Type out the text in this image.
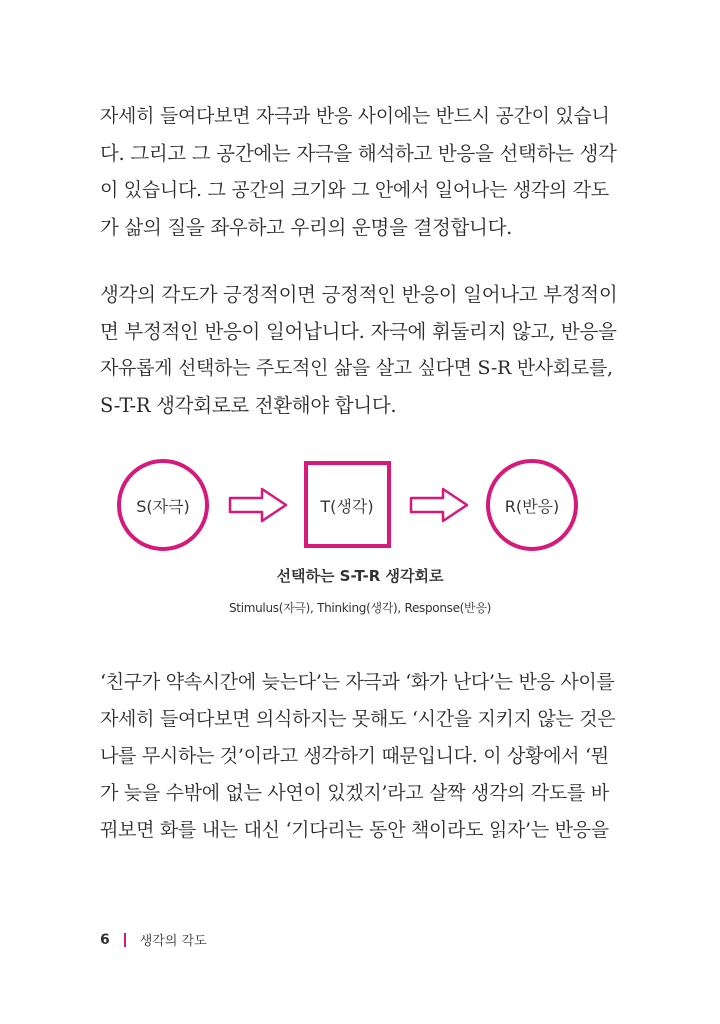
자세히 들여다보면 자극과 반응 사이에는 반드시 공간이 있습니
다. 그리고 그 공간에는 자극을 해석하고 반응을 선택하는 생각
이 있습니다. 그 공간의 크기와 그 안에서 일어나는 생각의 각도
가 삶의 질을 좌우하고 우리의 운명을 결정합니다.
생각의 각도가 긍정적이면 긍정적인 반응이 일어나고 부정적이
면 부정적인 반응이 일어납니다. 자극에 휘둘리지 않고, 반응을
자유롭게 선택하는 주도적인 삶을 살고 싶다면 S-R 반사회로를,
S-T-R 생각회로로 전환해야 합니다.
S(자극)	T(생각)	R(반응)
선택하는 S-T-R 생각회로
Stimulus(자극), Thinking(생각), Response(반응)
‘친구가 약속시간에 늦는다’는 자극과 ‘화가 난다’는 반응 사이를
자세히 들여다보면 의식하지는 못해도 ‘시간을 지키지 않는 것은
나를 무시하는 것’이라고 생각하기 때문입니다. 이 상황에서 ‘뭔
가 늦을 수밖에 없는 사연이 있겠지’라고 살짝 생각의 각도를 바
꿔보면 화를 내는 대신 ‘기다리는 동안 책이라도 읽자’는 반응을
6 생각의 각도
